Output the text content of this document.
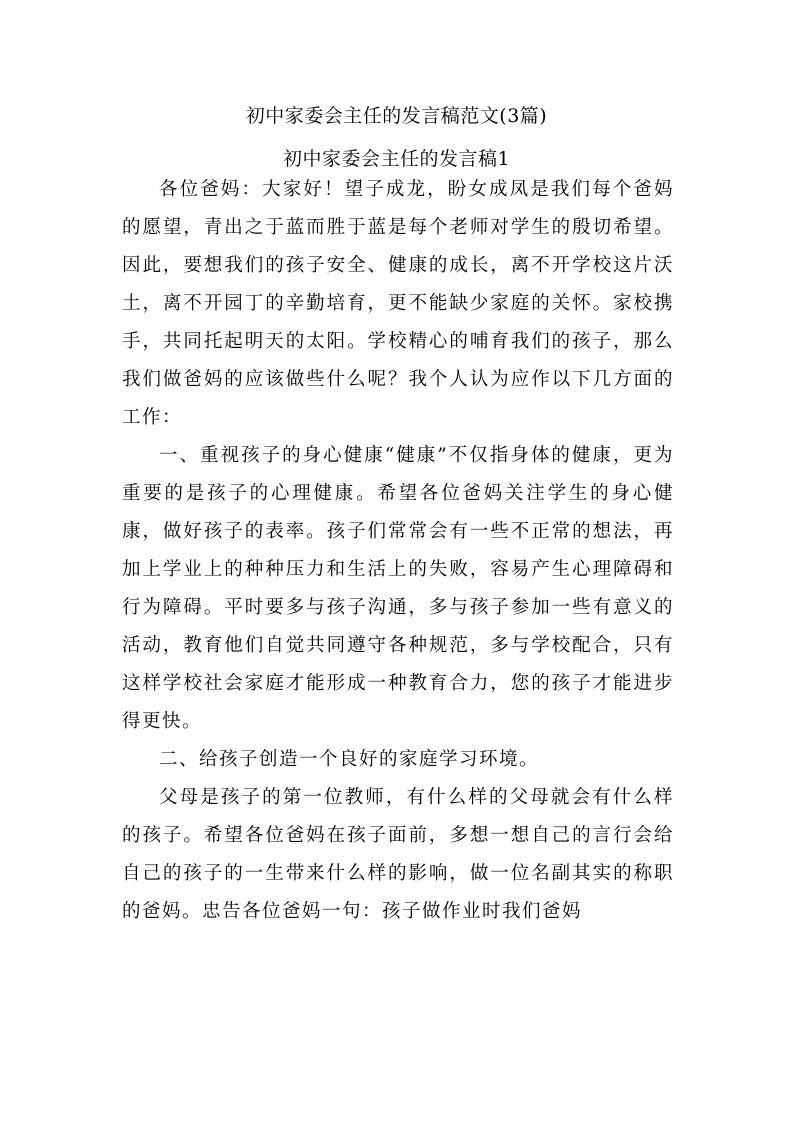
初中家委会主任的发言稿范文(3篇)
初中家委会主任的发言稿1

各位爸妈：大家好！望子成龙，盼女成凤是我们每个爸妈的愿望，青出之于蓝而胜于蓝是每个老师对学生的殷切希望。因此，要想我们的孩子安全、健康的成长，离不开学校这片沃土，离不开园丁的辛勤培育，更不能缺少家庭的关怀。家校携手，共同托起明天的太阳。学校精心的哺育我们的孩子，那么我们做爸妈的应该做些什么呢？我个人认为应作以下几方面的工作：

一、重视孩子的身心健康“健康”不仅指身体的健康，更为重要的是孩子的心理健康。希望各位爸妈关注学生的身心健康，做好孩子的表率。孩子们常常会有一些不正常的想法，再加上学业上的种种压力和生活上的失败，容易产生心理障碍和行为障碍。平时要多与孩子沟通，多与孩子参加一些有意义的活动，教育他们自觉共同遵守各种规范，多与学校配合，只有这样学校社会家庭才能形成一种教育合力，您的孩子才能进步得更快。

二、给孩子创造一个良好的家庭学习环境。

父母是孩子的第一位教师，有什么样的父母就会有什么样的孩子。希望各位爸妈在孩子面前，多想一想自己的言行会给自己的孩子的一生带来什么样的影响，做一位名副其实的称职的爸妈。忠告各位爸妈一句：孩子做作业时我们爸妈
